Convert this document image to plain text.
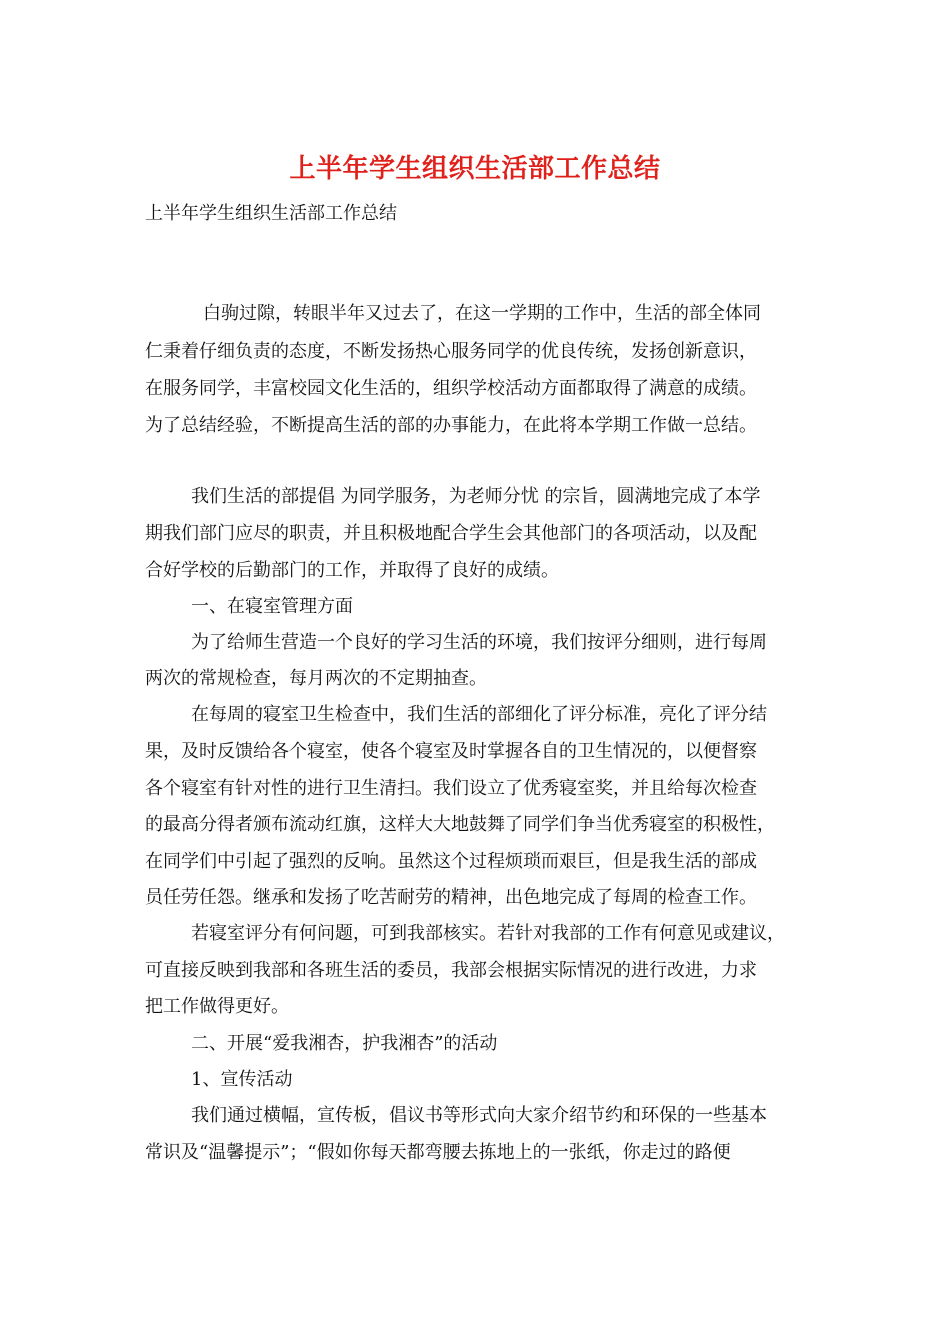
上半年学生组织生活部工作总结
上半年学生组织生活部工作总结
白驹过隙，转眼半年又过去了，在这一学期的工作中，生活的部全体同
仁秉着仔细负责的态度，不断发扬热心服务同学的优良传统，发扬创新意识，
在服务同学，丰富校园文化生活的，组织学校活动方面都取得了满意的成绩。
为了总结经验，不断提高生活的部的办事能力，在此将本学期工作做一总结。
我们生活的部提倡 为同学服务，为老师分忧 的宗旨，圆满地完成了本学
期我们部门应尽的职责，并且积极地配合学生会其他部门的各项活动，以及配
合好学校的后勤部门的工作，并取得了良好的成绩。
一、在寝室管理方面
为了给师生营造一个良好的学习生活的环境，我们按评分细则，进行每周
两次的常规检查，每月两次的不定期抽查。
在每周的寝室卫生检查中，我们生活的部细化了评分标准，亮化了评分结
果，及时反馈给各个寝室，使各个寝室及时掌握各自的卫生情况的，以便督察
各个寝室有针对性的进行卫生清扫。我们设立了优秀寝室奖，并且给每次检查
的最高分得者颁布流动红旗，这样大大地鼓舞了同学们争当优秀寝室的积极性，
在同学们中引起了强烈的反响。虽然这个过程烦琐而艰巨，但是我生活的部成
员任劳任怨。继承和发扬了吃苦耐劳的精神，出色地完成了每周的检查工作。
若寝室评分有何问题，可到我部核实。若针对我部的工作有何意见或建议，
可直接反映到我部和各班生活的委员，我部会根据实际情况的进行改进，力求
把工作做得更好。
二、开展“爱我湘杏，护我湘杏”的活动
1、宣传活动
我们通过横幅，宣传板，倡议书等形式向大家介绍节约和环保的一些基本
常识及“温馨提示”；“假如你每天都弯腰去拣地上的一张纸，你走过的路便
